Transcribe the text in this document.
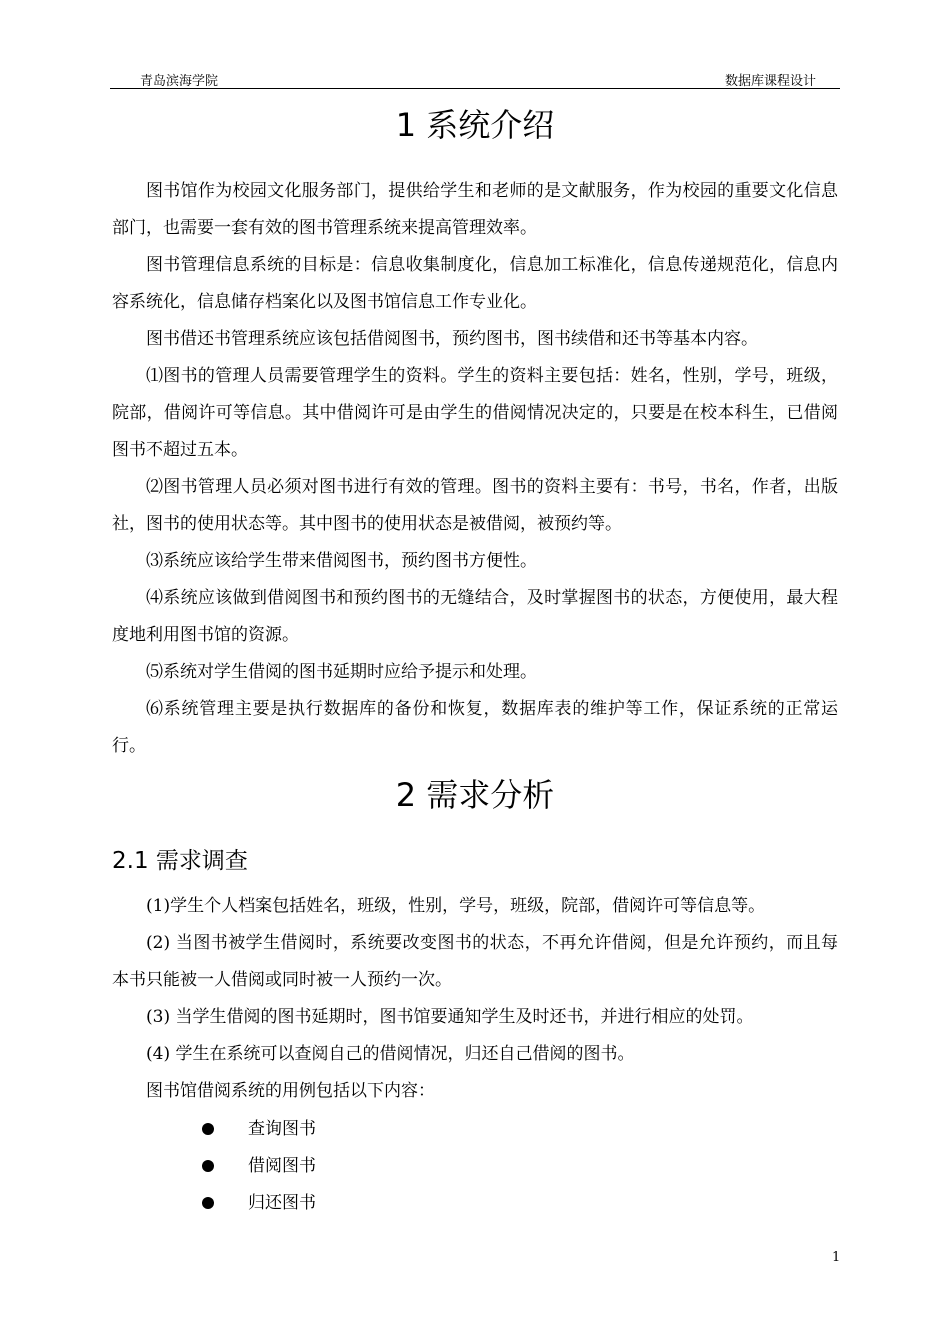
青岛滨海学院	数据库课程设计
1 系统介绍

图书馆作为校园文化服务部门，提供给学生和老师的是文献服务，作为校园的重要文化信息部门，也需要一套有效的图书管理系统来提高管理效率。

图书管理信息系统的目标是：信息收集制度化，信息加工标准化，信息传递规范化，信息内容系统化，信息储存档案化以及图书馆信息工作专业化。

图书借还书管理系统应该包括借阅图书，预约图书，图书续借和还书等基本内容。

⑴图书的管理人员需要管理学生的资料。学生的资料主要包括：姓名，性别，学号，班级，院部，借阅许可等信息。其中借阅许可是由学生的借阅情况决定的，只要是在校本科生，已借阅图书不超过五本。

⑵图书管理人员必须对图书进行有效的管理。图书的资料主要有：书号，书名，作者，出版社，图书的使用状态等。其中图书的使用状态是被借阅，被预约等。

⑶系统应该给学生带来借阅图书，预约图书方便性。

⑷系统应该做到借阅图书和预约图书的无缝结合，及时掌握图书的状态，方便使用，最大程度地利用图书馆的资源。

⑸系统对学生借阅的图书延期时应给予提示和处理。

⑹系统管理主要是执行数据库的备份和恢复，数据库表的维护等工作，保证系统的正常运行。

2 需求分析
2.1 需求调查

(1)学生个人档案包括姓名，班级，性别，学号，班级，院部，借阅许可等信息等。

(2) 当图书被学生借阅时，系统要改变图书的状态，不再允许借阅，但是允许预约，而且每本书只能被一人借阅或同时被一人预约一次。

(3) 当学生借阅的图书延期时，图书馆要通知学生及时还书，并进行相应的处罚。

(4) 学生在系统可以查阅自己的借阅情况，归还自己借阅的图书。

图书馆借阅系统的用例包括以下内容：

查询图书
借阅图书
归还图书
1
